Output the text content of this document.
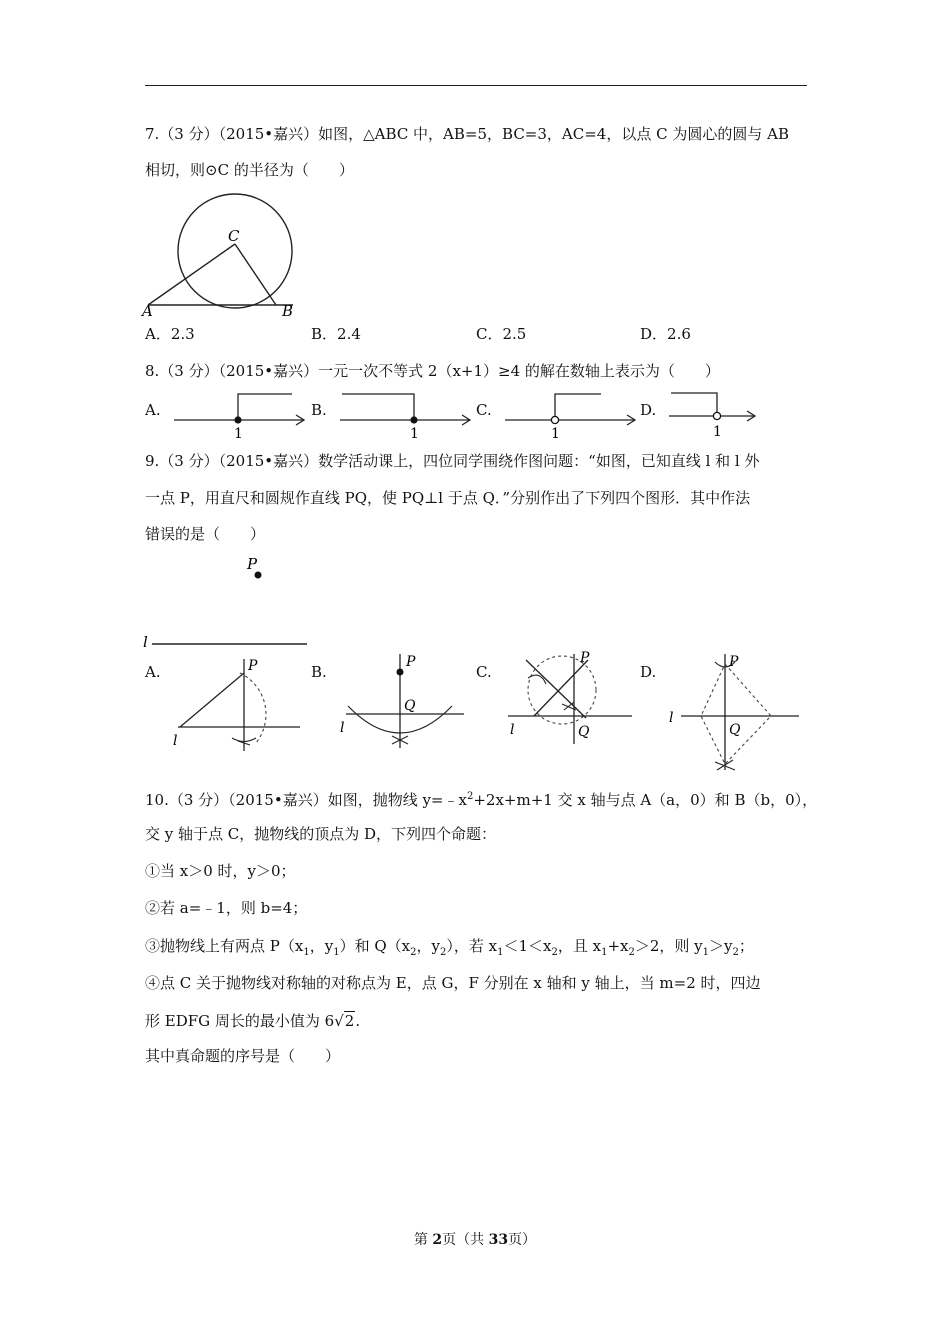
7.（3 分）（2015•嘉兴）如图，△ABC 中，AB=5，BC=3，AC=4，以点 C 为圆心的圆与 AB
相切，则⊙C 的半径为（　　）
C
A	B
A．2.3	B．2.4	C．2.5	D．2.6
8.（3 分）（2015•嘉兴）一元一次不等式 2（x+1）≥4 的解在数轴上表示为（　　）
A.
1
B.
1
C.
1
D.
1
9.（3 分）（2015•嘉兴）数学活动课上，四位同学围绕作图问题：“如图，已知直线 l 和 l 外
一点 P，用直尺和圆规作直线 PQ，使 PQ⊥l 于点 Q．”分别作出了下列四个图形．其中作法
错误的是（　　）
P
l
A.	P
l
B.
P
Q
l
C.
P
Q
l
D.
P
Q
l
10.（3 分）（2015•嘉兴）如图，抛物线 $y=﹣x^2+2x+m+1$ 交 x 轴与点 A（a，0）和 B（b，0），
交 y 轴于点 C，抛物线的顶点为 D，下列四个命题：
①当 x＞0 时，y＞0；
②若 a=﹣1，则 b=4；
③抛物线上有两点 $P(x_1$，$y_1$）和 $Q(x_2$，$y_2$），若 $x_1<1<x_2$，且 $x_1+x_2>2$，则 $y_1>y_2$；
④点 C 关于抛物线对称轴的对称点为 E，点 G，F 分别在 x 轴和 y 轴上，当 m=2 时，四边
形 EDFG 周长的最小值为 6√2.
其中真命题的序号是（　　）
第 2页（共 33页）
